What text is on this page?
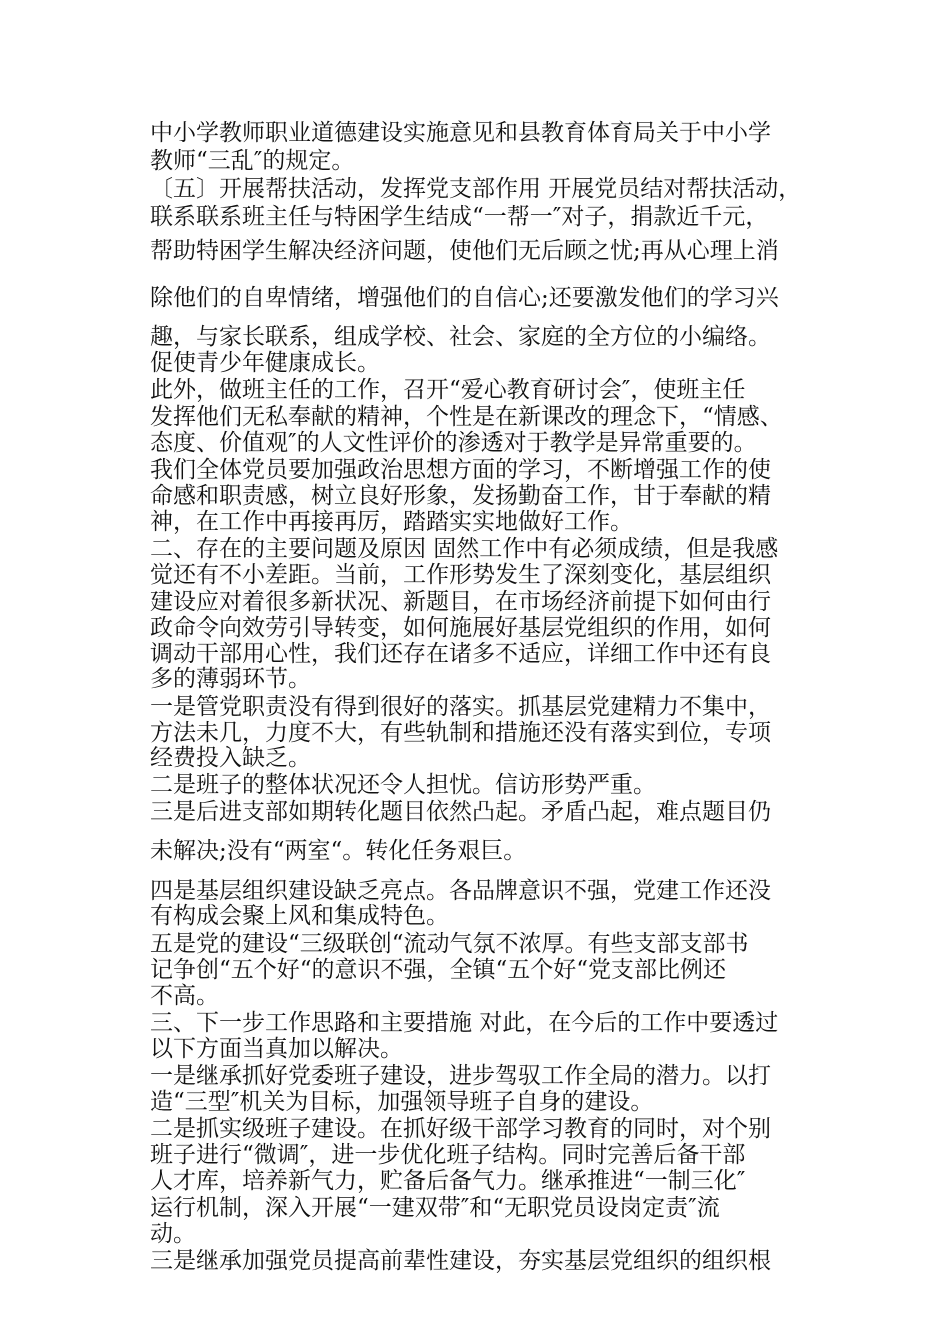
中小学教师职业道德建设实施意见和县教育体育局关于中小学
教师“三乱″的规定。
〔五〕开展帮扶活动，发挥党支部作用 开展党员结对帮扶活动，
联系联系班主任与特困学生结成“一帮一″对子，捐款近千元，
帮助特困学生解决经济问题，使他们无后顾之忧;再从心理上消
除他们的自卑情绪，增强他们的自信心;还要激发他们的学习兴
趣，与家长联系，组成学校、社会、家庭的全方位的小编络。
促使青少年健康成长。
此外，做班主任的工作，召开“爱心教育研讨会″，使班主任
发挥他们无私奉献的精神，个性是在新课改的理念下，“情感、
态度、价值观″的人文性评价的渗透对于教学是异常重要的。
我们全体党员要加强政治思想方面的学习，不断增强工作的使
命感和职责感，树立良好形象，发扬勤奋工作，甘于奉献的精
神，在工作中再接再厉，踏踏实实地做好工作。
二、存在的主要问题及原因 固然工作中有必须成绩，但是我感
觉还有不小差距。当前，工作形势发生了深刻变化，基层组织
建设应对着很多新状况、新题目，在市场经济前提下如何由行
政命令向效劳引导转变，如何施展好基层党组织的作用，如何
调动干部用心性，我们还存在诸多不适应，详细工作中还有良
多的薄弱环节。
一是管党职责没有得到很好的落实。抓基层党建精力不集中，
方法未几，力度不大，有些轨制和措施还没有落实到位，专项
经费投入缺乏。
二是班子的整体状况还令人担忧。信访形势严重。
三是后进支部如期转化题目依然凸起。矛盾凸起，难点题目仍
未解决;没有“两室“。转化任务艰巨。
四是基层组织建设缺乏亮点。各品牌意识不强，党建工作还没
有构成会聚上风和集成特色。
五是党的建设“三级联创“流动气氛不浓厚。有些支部支部书
记争创“五个好“的意识不强，全镇“五个好“党支部比例还
不高。
三、下一步工作思路和主要措施 对此，在今后的工作中要透过
以下方面当真加以解决。
一是继承抓好党委班子建设，进步驾驭工作全局的潜力。以打
造“三型″机关为目标，加强领导班子自身的建设。
二是抓实级班子建设。在抓好级干部学习教育的同时，对个别
班子进行“微调″，进一步优化班子结构。同时完善后备干部
人才库，培养新气力，贮备后备气力。继承推进“一制三化″
运行机制，深入开展“一建双带″和“无职党员设岗定责″流
动。
三是继承加强党员提高前辈性建设，夯实基层党组织的组织根
